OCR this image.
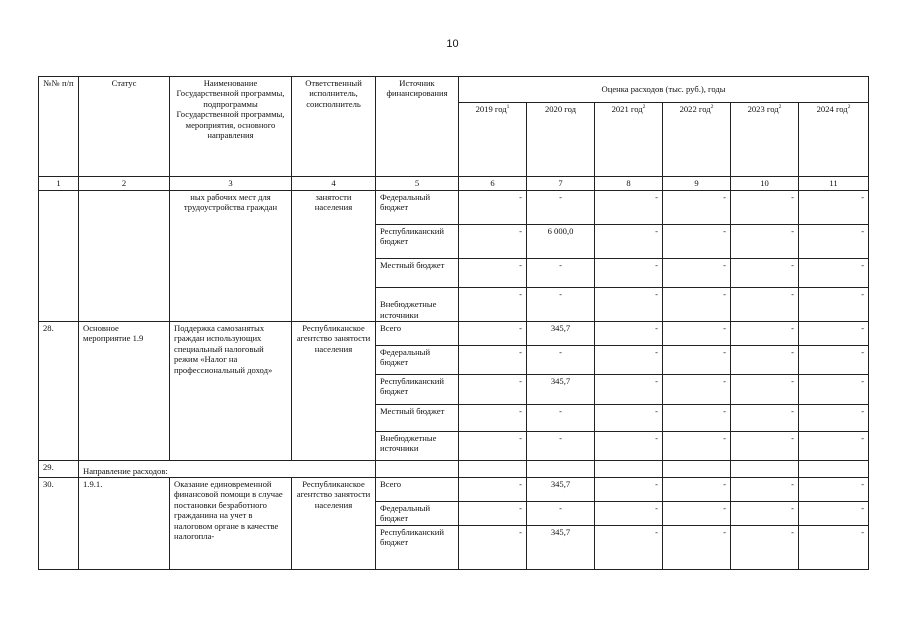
10
№№ п/п	Статус	Наименование Государственной программы, подпрограммы Государственной программы, мероприятия, основного направления	Ответственный исполнитель, соисполнитель	Источник финансирования	Оценка расходов (тыс. руб.), годы					
					2019 год$^1$	2020 год	2021 год$^2$	2022 год$^2$	2023 год$^2$	2024 год$^2$
1	2	3	4	5	6	7	8	9	10	11
		ных рабочих мест для трудоустройства граждан	занятости населения	Федеральный бюджет	-	-	-	-	-	-
				Республиканский бюджет	-	6 000,0	-	-	-	-
				Местный бюджет	-	-	-	-	-	-
				Внебюджетные источники	-	-	-	-	-	-
28.	Основное мероприятие 1.9	Поддержка самозанятых граждан использующих специальный налоговый режим «Налог на профессиональный доход»	Республиканское агентство занятости населения	Всего	-	345,7	-	-	-	-
				Федеральный бюджет	-	-	-	-	-	-
				Республиканский бюджет	-	345,7	-	-	-	-
				Местный бюджет	-	-	-	-	-	-
				Внебюджетные источники	-	-	-	-	-	-
29.	Направление расходов:									
30.	1.9.1.	Оказание единовременной финансовой помощи в случае постановки безработного гражданина на учет в налоговом органе в качестве налогопла-	Республиканское агентство занятости населения	Всего	-	345,7	-	-	-	-
				Федеральный бюджет	-	-	-	-	-	-
				Республиканский бюджет	-	345,7	-	-	-	-
